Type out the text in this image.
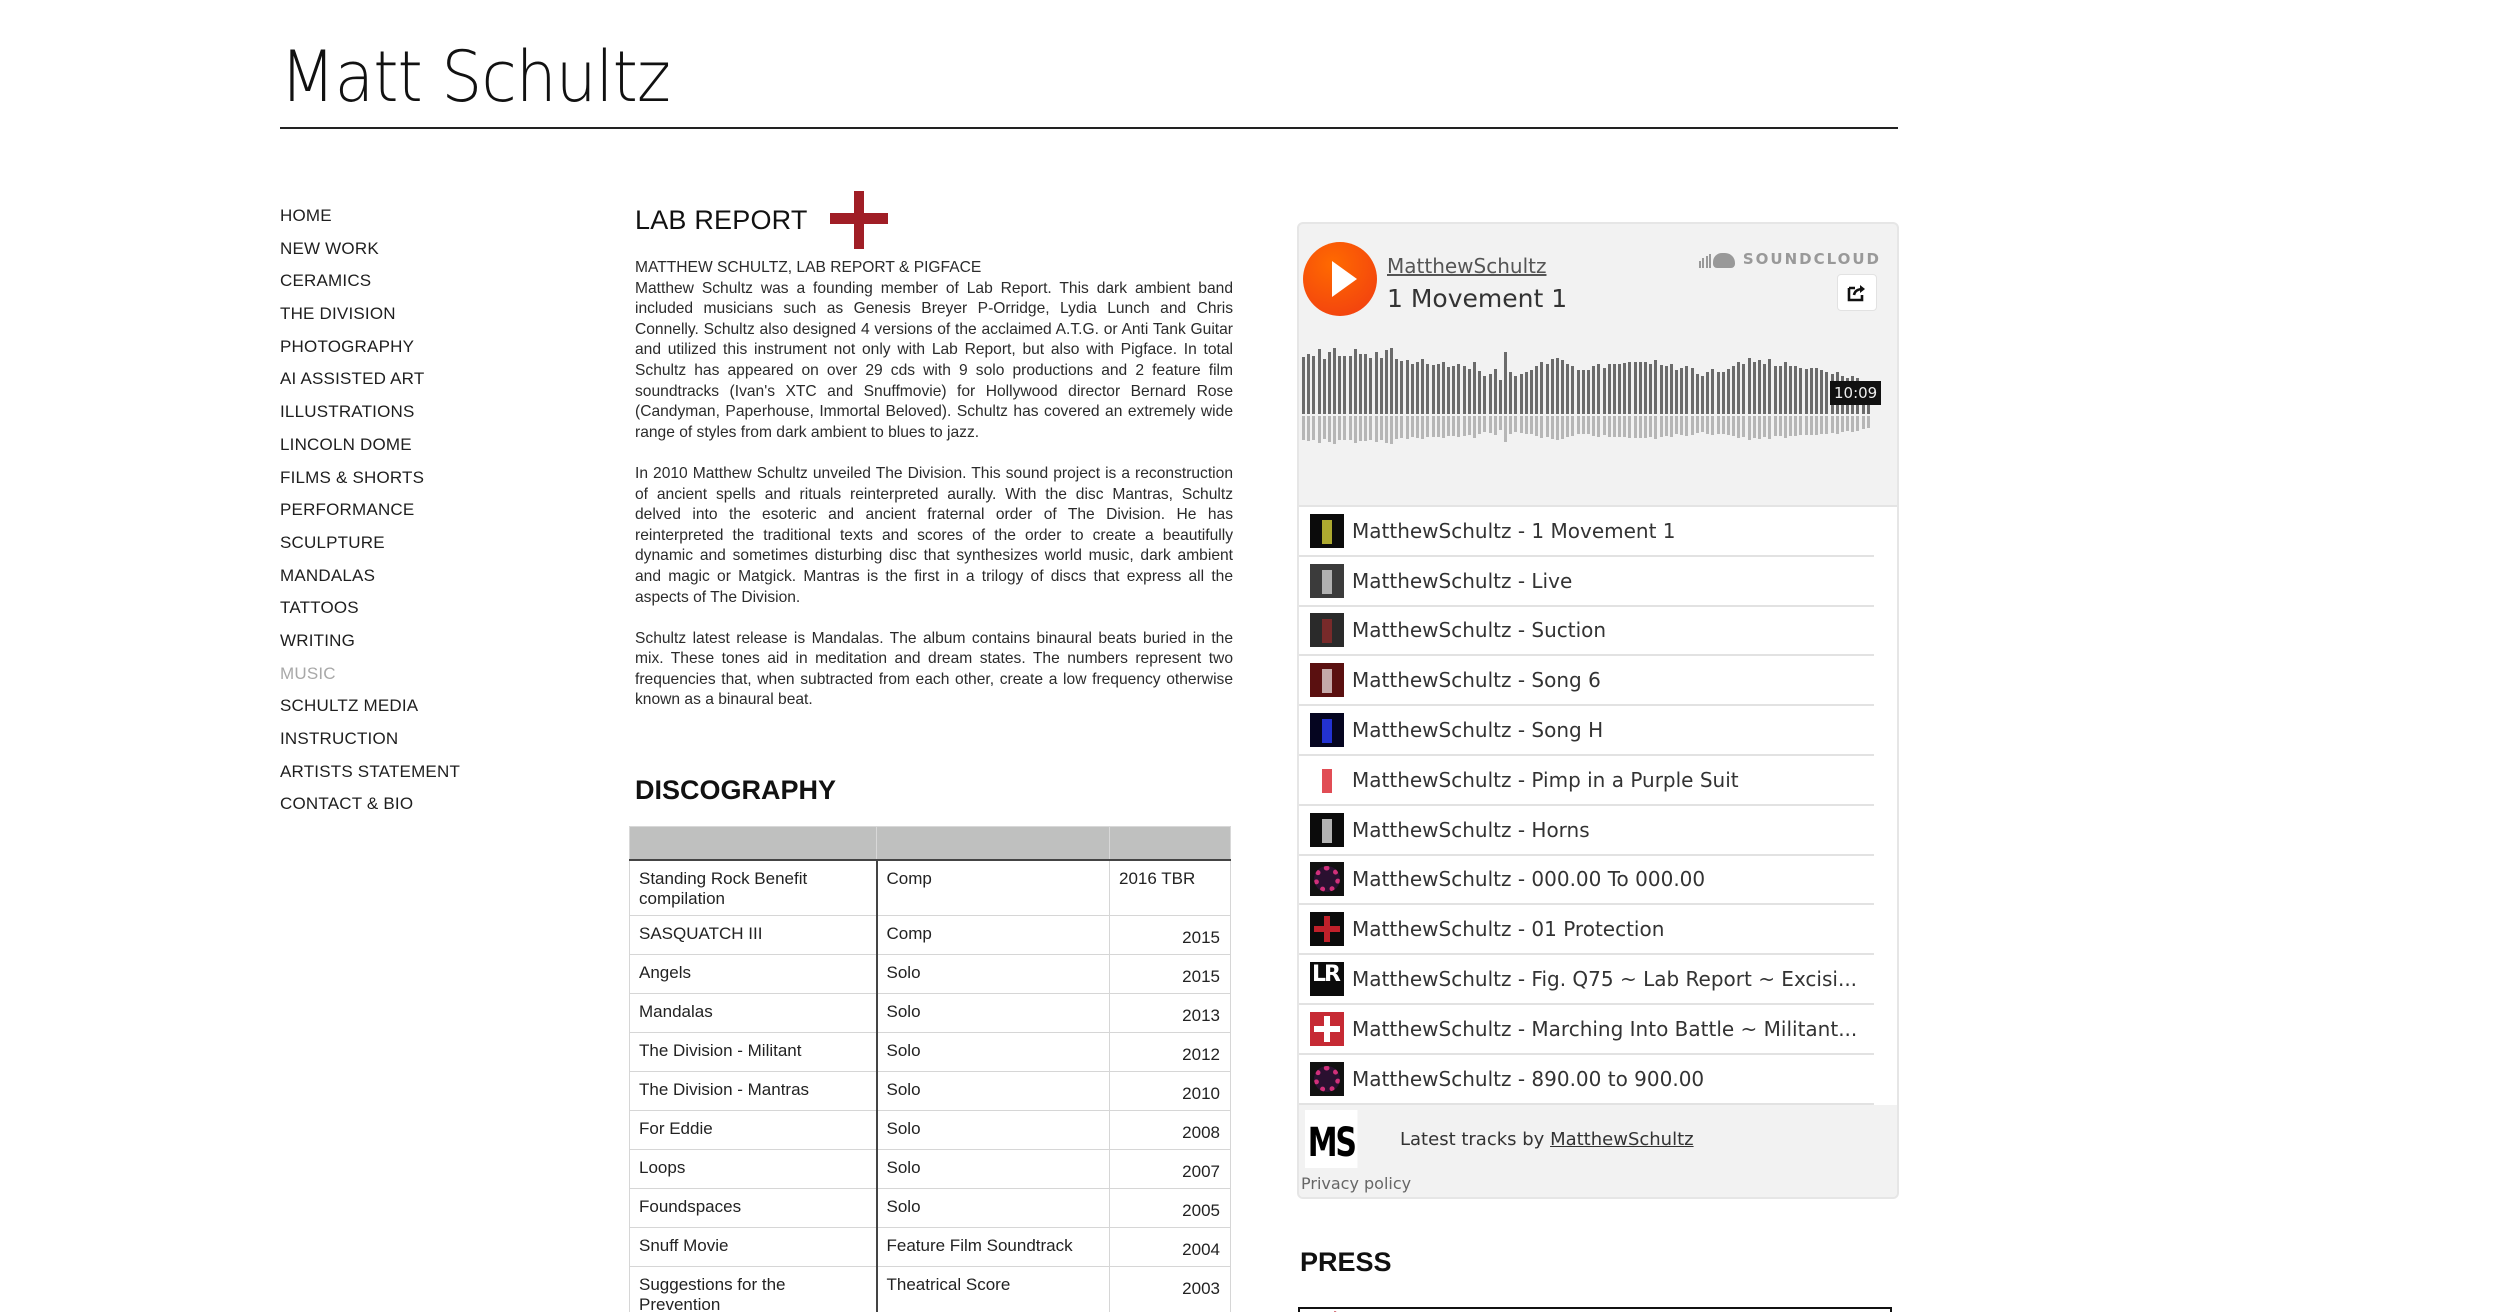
Matt Schultz
HOME
NEW WORK
CERAMICS
THE DIVISION
PHOTOGRAPHY
AI ASSISTED ART
ILLUSTRATIONS
LINCOLN DOME
FILMS & SHORTS
PERFORMANCE
SCULPTURE
MANDALAS
TATTOOS
WRITING
MUSIC
SCHULTZ MEDIA
INSTRUCTION
ARTISTS STATEMENT
CONTACT & BIO
LAB REPORT

MATTHEW SCHULTZ, LAB REPORT & PIGFACE
Matthew Schultz was a founding member of Lab Report. This dark ambient band included musicians such as Genesis Breyer P-Orridge, Lydia Lunch and Chris Connelly. Schultz also designed 4 versions of the acclaimed A.T.G. or Anti Tank Guitar and utilized this instrument not only with Lab Report, but also with Pigface. In total Schultz has appeared on over 29 cds with 9 solo productions and 2 feature film soundtracks (Ivan's XTC and Snuffmovie) for Hollywood director Bernard Rose (Candyman, Paperhouse, Immortal Beloved). Schultz has covered an extremely wide range of styles from dark ambient to blues to jazz.

In 2010 Matthew Schultz unveiled The Division. This sound project is a reconstruction of ancient spells and rituals reinterpreted aurally. With the disc Mantras, Schultz delved into the esoteric and ancient fraternal order of The Division. He has reinterpreted the traditional texts and scores of the order to create a beautifully dynamic and sometimes disturbing disc that synthesizes world music, dark ambient and magic or Matgick. Mantras is the first in a trilogy of discs that express all the aspects of The Division.

Schultz latest release is Mandalas. The album contains binaural beats buried in the mix. These tones aid in meditation and dream states. The numbers represent two frequencies that, when subtracted from each other, create a low frequency otherwise known as a binaural beat.

DISCOGRAPHY

Standing Rock Benefit compilation	Comp	2016 TBR
SASQUATCH III	Comp	2015
Angels	Solo	2015
Mandalas	Solo	2013
The Division - Militant	Solo	2012
The Division - Mantras	Solo	2010
For Eddie	Solo	2008
Loops	Solo	2007
Foundspaces	Solo	2005
Snuff Movie	Feature Film Soundtrack	2004
Suggestions for the Prevention	Theatrical Score	2003
MatthewSchultz
1 Movement 1
SOUNDCLOUD
10:09
MatthewSchultz - 1 Movement 1
MatthewSchultz - Live
MatthewSchultz - Suction
MatthewSchultz - Song 6
MatthewSchultz - Song H
MatthewSchultz - Pimp in a Purple Suit
MatthewSchultz - Horns
MatthewSchultz - 000.00 To 000.00
MatthewSchultz - 01 Protection
LR MatthewSchultz - Fig. Q75 ~ Lab Report ~ Excisi...
MatthewSchultz - Marching Into Battle ~ Militant...
MatthewSchultz - 890.00 to 900.00
MS	Latest tracks by MatthewSchultz
Privacy policy
PRESS
